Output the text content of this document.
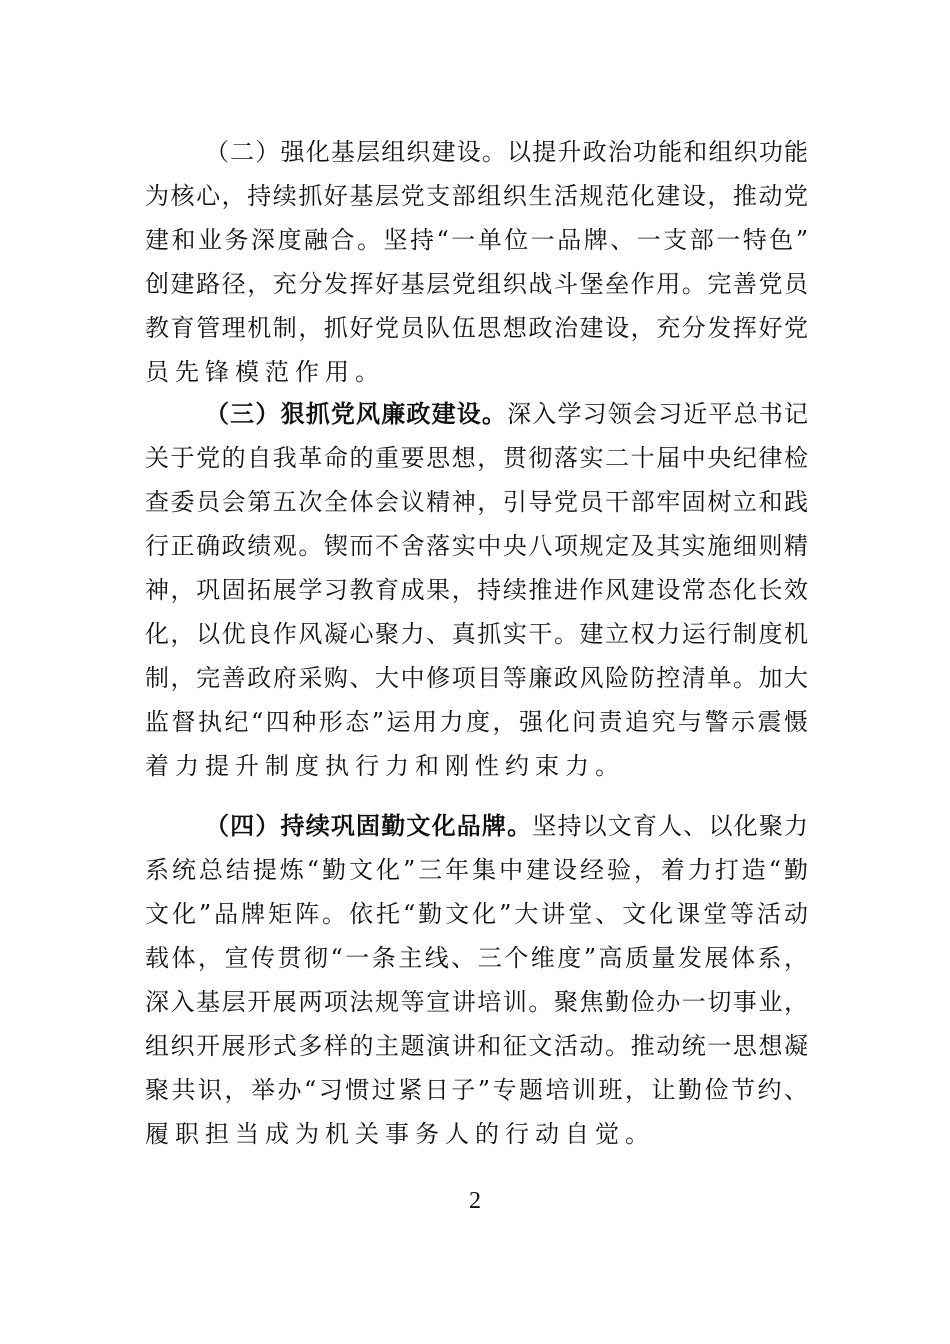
（二）强化基层组织建设。以提升政治功能和组织功能
为核心，持续抓好基层党支部组织生活规范化建设，推动党
建和业务深度融合。坚持“一单位一品牌、一支部一特色”
创建路径，充分发挥好基层党组织战斗堡垒作用。完善党员
教育管理机制，抓好党员队伍思想政治建设，充分发挥好党
员先锋模范作用。
（三）狠抓党风廉政建设。深入学习领会习近平总书记
关于党的自我革命的重要思想，贯彻落实二十届中央纪律检
查委员会第五次全体会议精神，引导党员干部牢固树立和践
行正确政绩观。锲而不舍落实中央八项规定及其实施细则精
神，巩固拓展学习教育成果，持续推进作风建设常态化长效
化，以优良作风凝心聚力、真抓实干。建立权力运行制度机
制，完善政府采购、大中修项目等廉政风险防控清单。加大
监督执纪“四种形态”运用力度，强化问责追究与警示震慑
着力提升制度执行力和刚性约束力。
（四）持续巩固勤文化品牌。坚持以文育人、以化聚力
系统总结提炼“勤文化”三年集中建设经验，着力打造“勤
文化”品牌矩阵。依托“勤文化”大讲堂、文化课堂等活动
载体，宣传贯彻“一条主线、三个维度”高质量发展体系，
深入基层开展两项法规等宣讲培训。聚焦勤俭办一切事业，
组织开展形式多样的主题演讲和征文活动。推动统一思想凝
聚共识，举办“习惯过紧日子”专题培训班，让勤俭节约、
履职担当成为机关事务人的行动自觉。
2
